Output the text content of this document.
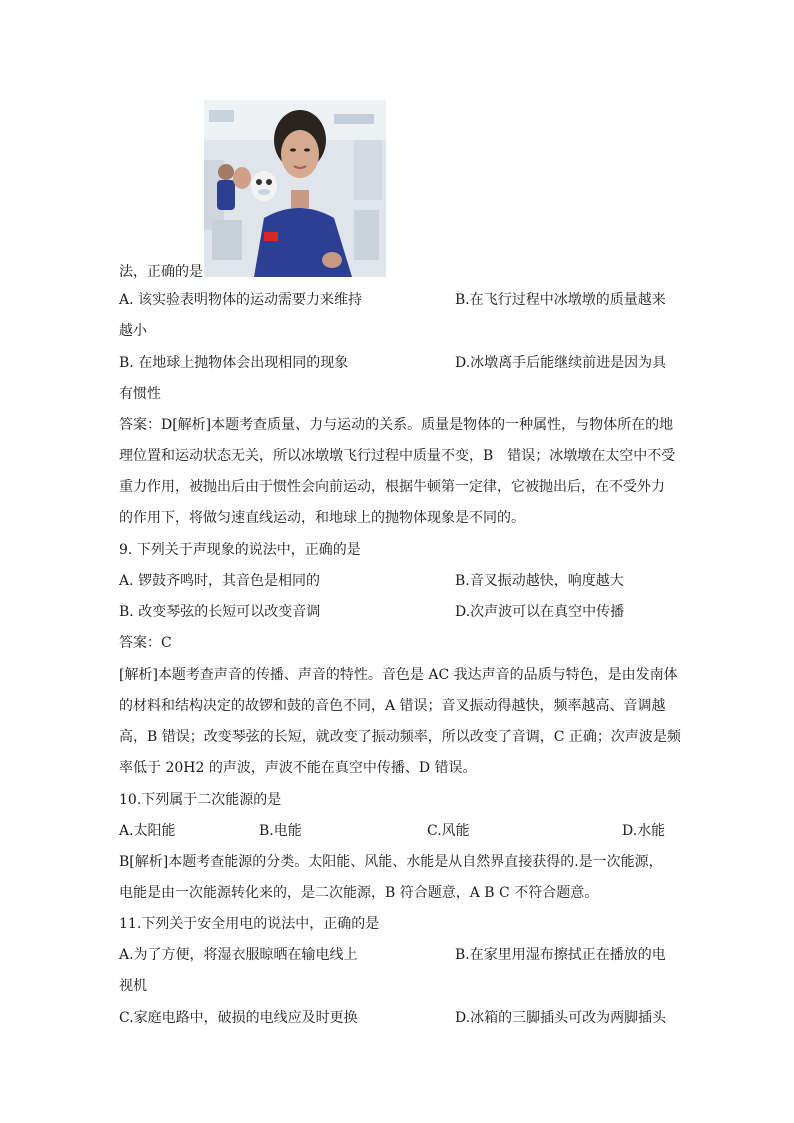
法，正确的是
A. 该实验表明物体的运动需要力来维持	B.在飞行过程中冰墩墩的质量越来
越小
B. 在地球上抛物体会出现相同的现象	D.冰墩离手后能继续前进是因为具
有惯性
答案：D[解析]本题考查质量、力与运动的关系。质量是物体的一种属性，与物体所在的地
理位置和运动状态无关，所以冰墩墩飞行过程中质量不变，B　错误；冰墩墩在太空中不受
重力作用，被抛出后由于惯性会向前运动，根据牛顿第一定律，它被抛出后，在不受外力
的作用下，将做匀速直线运动，和地球上的抛物体现象是不同的。
9. 下列关于声现象的说法中，正确的是
A. 锣鼓齐鸣时，其音色是相同的	B.音叉振动越快，响度越大
B. 改变琴弦的长短可以改变音调	D.次声波可以在真空中传播
答案：C
[解析]本题考查声音的传播、声音的特性。音色是 AC 我达声音的品质与特色，是由发南体
的材料和结构决定的故锣和鼓的音色不同，A 错误；音叉振动得越快，频率越高、音调越
高，B 错误；改变琴弦的长短，就改变了振动频率，所以改变了音调，C 正确；次声波是频
率低于 20H2 的声波，声波不能在真空中传播、D 错误。
10.下列属于二次能源的是
A.太阳能	B.电能	C.风能	D.水能
B[解析]本题考查能源的分类。太阳能、风能、水能是从自然界直接获得的.是一次能源，
电能是由一次能源转化来的，是二次能源，B 符合题意，A B C 不符合题意。
11.下列关于安全用电的说法中，正确的是
A.为了方便，将湿衣服晾晒在输电线上	B.在家里用湿布擦拭正在播放的电
视机
C.家庭电路中，破损的电线应及时更换	D.冰箱的三脚插头可改为两脚插头
